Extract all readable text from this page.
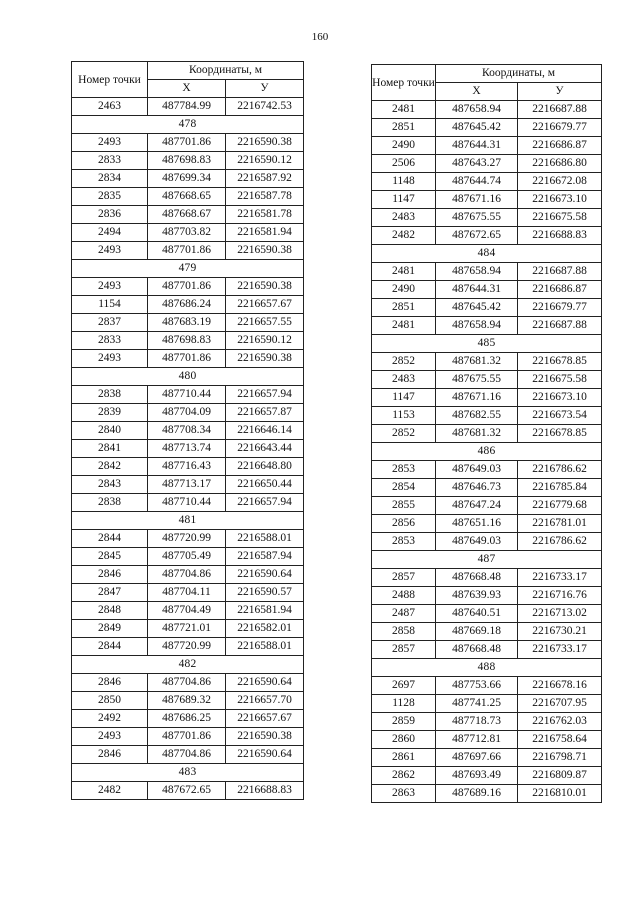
160
Номер точки	Координаты, м	
	X	У
2463	487784.99	2216742.53
478		
2493	487701.86	2216590.38
2833	487698.83	2216590.12
2834	487699.34	2216587.92
2835	487668.65	2216587.78
2836	487668.67	2216581.78
2494	487703.82	2216581.94
2493	487701.86	2216590.38
479		
2493	487701.86	2216590.38
1154	487686.24	2216657.67
2837	487683.19	2216657.55
2833	487698.83	2216590.12
2493	487701.86	2216590.38
480		
2838	487710.44	2216657.94
2839	487704.09	2216657.87
2840	487708.34	2216646.14
2841	487713.74	2216643.44
2842	487716.43	2216648.80
2843	487713.17	2216650.44
2838	487710.44	2216657.94
481		
2844	487720.99	2216588.01
2845	487705.49	2216587.94
2846	487704.86	2216590.64
2847	487704.11	2216590.57
2848	487704.49	2216581.94
2849	487721.01	2216582.01
2844	487720.99	2216588.01
482		
2846	487704.86	2216590.64
2850	487689.32	2216657.70
2492	487686.25	2216657.67
2493	487701.86	2216590.38
2846	487704.86	2216590.64
483		
2482	487672.65	2216688.83
Номер точки	Координаты, м	
	X	У
2481	487658.94	2216687.88
2851	487645.42	2216679.77
2490	487644.31	2216686.87
2506	487643.27	2216686.80
1148	487644.74	2216672.08
1147	487671.16	2216673.10
2483	487675.55	2216675.58
2482	487672.65	2216688.83
484		
2481	487658.94	2216687.88
2490	487644.31	2216686.87
2851	487645.42	2216679.77
2481	487658.94	2216687.88
485		
2852	487681.32	2216678.85
2483	487675.55	2216675.58
1147	487671.16	2216673.10
1153	487682.55	2216673.54
2852	487681.32	2216678.85
486		
2853	487649.03	2216786.62
2854	487646.73	2216785.84
2855	487647.24	2216779.68
2856	487651.16	2216781.01
2853	487649.03	2216786.62
487		
2857	487668.48	2216733.17
2488	487639.93	2216716.76
2487	487640.51	2216713.02
2858	487669.18	2216730.21
2857	487668.48	2216733.17
488		
2697	487753.66	2216678.16
1128	487741.25	2216707.95
2859	487718.73	2216762.03
2860	487712.81	2216758.64
2861	487697.66	2216798.71
2862	487693.49	2216809.87
2863	487689.16	2216810.01
